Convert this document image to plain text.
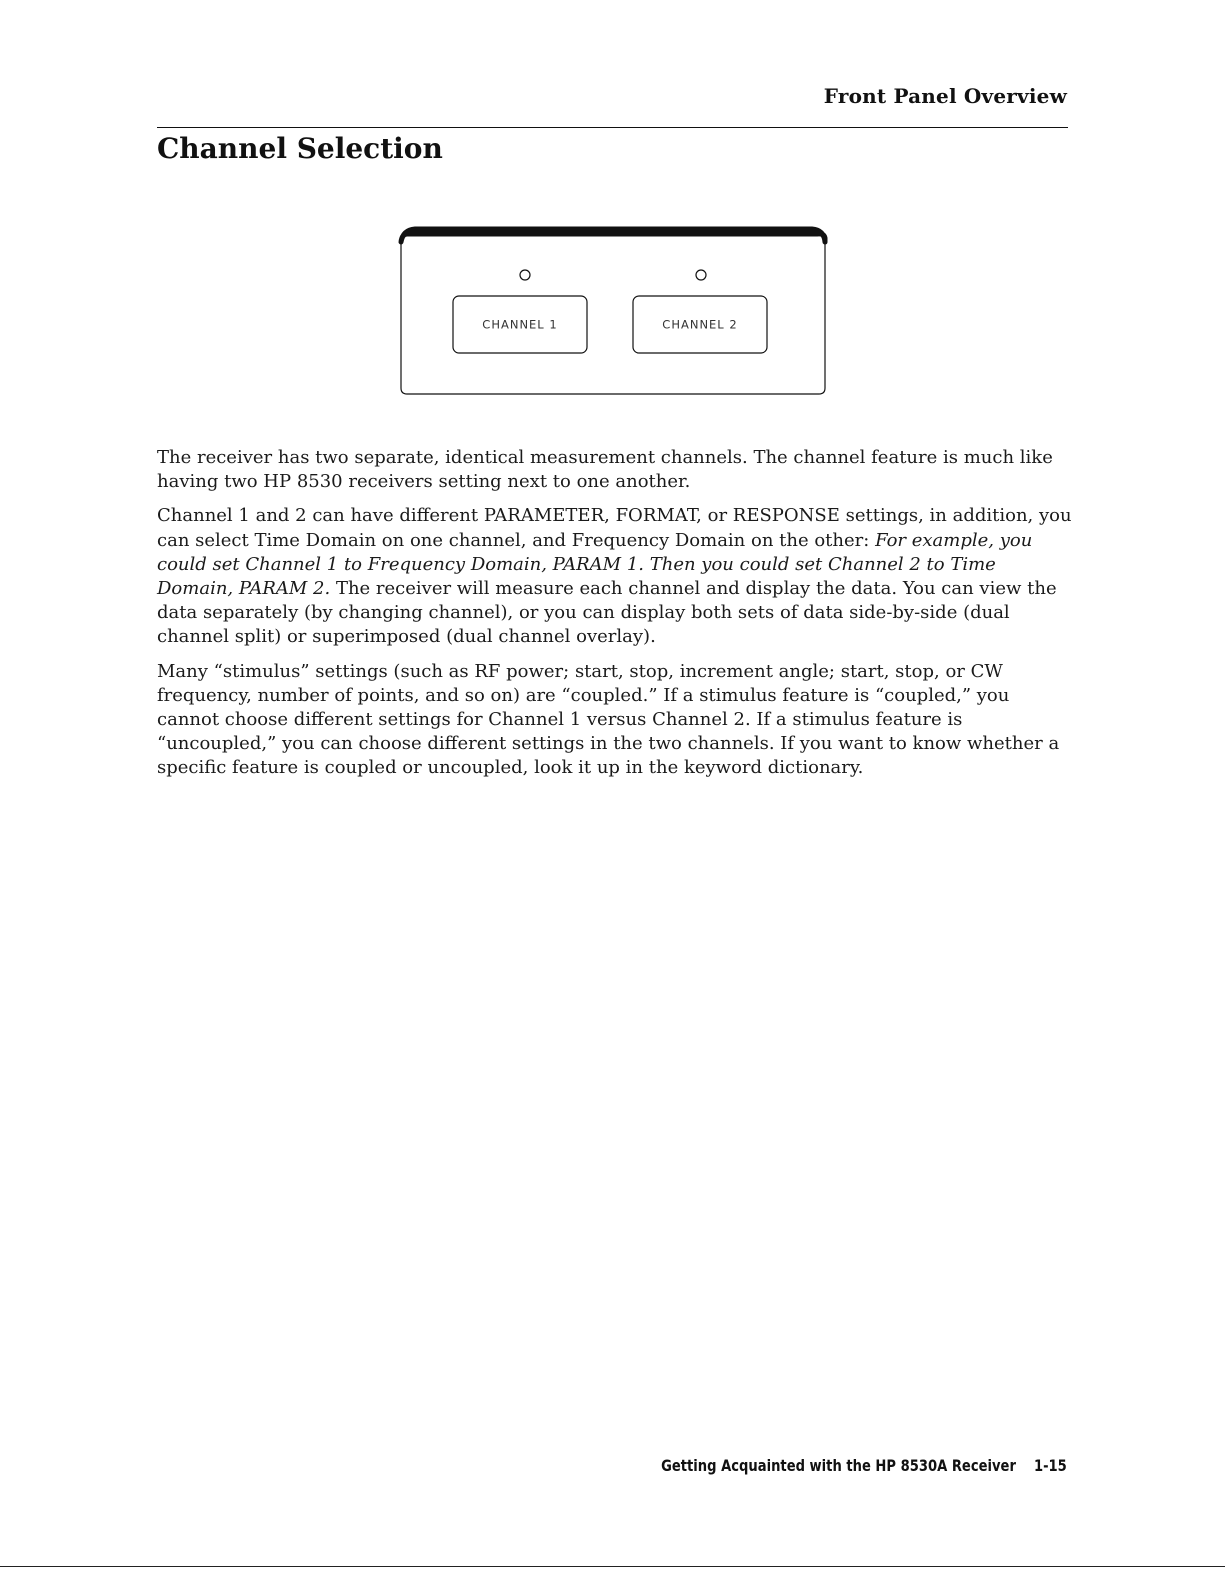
Front Panel Overview
Channel Selection
CHANNEL 1	CHANNEL 2

The receiver has two separate, identical measurement channels. The channel feature is much like having two HP 8530 receivers setting next to one another.

Channel 1 and 2 can have different PARAMETER, FORMAT, or RESPONSE settings, in addition, you can select Time Domain on one channel, and Frequency Domain on the other: For example, you could set Channel 1 to Frequency Domain, PARAM 1. Then you could set Channel 2 to Time Domain, PARAM 2. The receiver will measure each channel and display the data. You can view the data separately (by changing channel), or you can display both sets of data side-by-side (dual channel split) or superimposed (dual channel overlay).

Many “stimulus” settings (such as RF power; start, stop, increment angle; start, stop, or CW frequency, number of points, and so on) are “coupled.” If a stimulus feature is “coupled,” you cannot choose different settings for Channel 1 versus Channel 2. If a stimulus feature is “uncoupled,” you can choose different settings in the two channels. If you want to know whether a specific feature is coupled or uncoupled, look it up in the keyword dictionary.

Getting Acquainted with the HP 8530A Receiver 1-15
